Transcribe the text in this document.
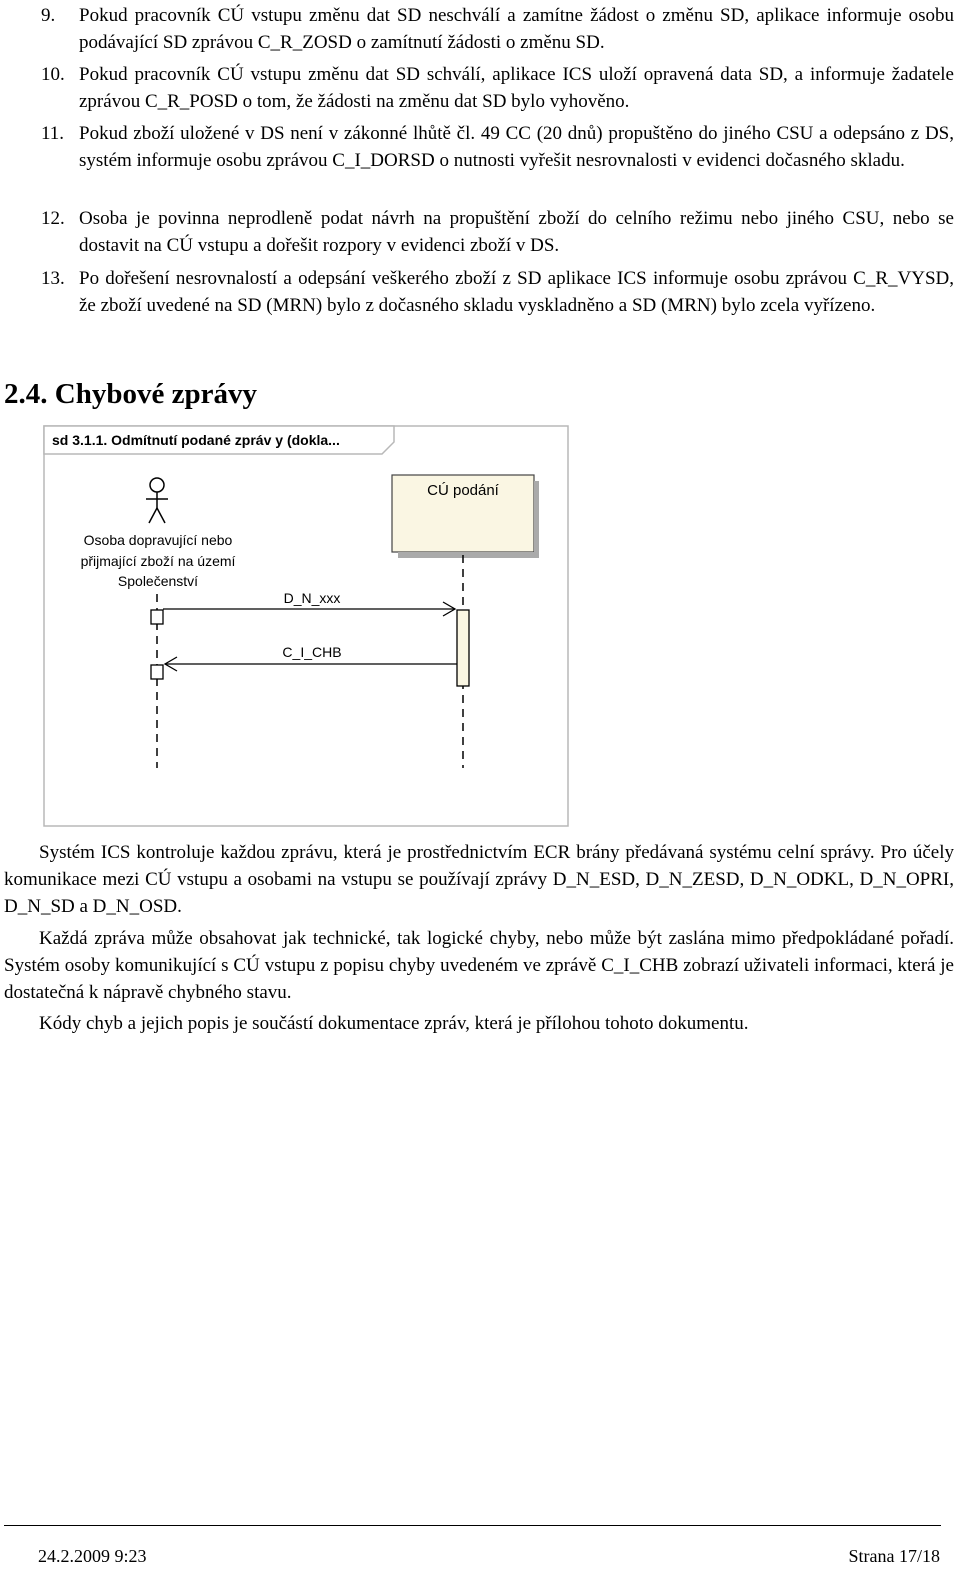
9.	Pokud pracovník CÚ vstupu změnu dat SD neschválí a zamítne žádost o změnu SD, aplikace informuje osobu podávající SD zprávou C_R_ZOSD o zamítnutí žádosti o změnu SD.
10. Pokud pracovník CÚ vstupu změnu dat SD schválí, aplikace ICS uloží opravená data SD, a informuje žadatele zprávou C_R_POSD o tom, že žádosti na změnu dat SD bylo vyhověno.
11. Pokud zboží uložené v DS není v zákonné lhůtě čl. 49 CC (20 dnů) propuštěno do jiného CSU a odepsáno z DS, systém informuje osobu zprávou C_I_DORSD o nutnosti vyřešit nesrovnalosti v evidenci dočasného skladu.
12. Osoba je povinna neprodleně podat návrh na propuštění zboží do celního režimu nebo jiného CSU, nebo se dostavit na CÚ vstupu a dořešit rozpory v evidenci zboží v DS.
13. Po dořešení nesrovnalostí a odepsání veškerého zboží z SD aplikace ICS informuje osobu zprávou C_R_VYSD, že zboží uvedené na SD (MRN) bylo z dočasného skladu vyskladněno a SD (MRN) bylo zcela vyřízeno.
2.4. Chybové zprávy
sd 3.1.1. Odmítnutí podané zpráv y (dokla...
Osoba dopravující nebo
přijmající zboží na území
Společenství
CÚ podání
D_N_xxx
C_I_CHB
Systém ICS kontroluje každou zprávu, která je prostřednictvím ECR brány předávaná systému celní správy. Pro účely komunikace mezi CÚ vstupu a osobami na vstupu se používají zprávy D_N_ESD, D_N_ZESD, D_N_ODKL, D_N_OPRI, D_N_SD a D_N_OSD.
Každá zpráva může obsahovat jak technické, tak logické chyby, nebo může být zaslána mimo předpokládané pořadí. Systém osoby komunikující s CÚ vstupu z popisu chyby uvedeném ve zprávě C_I_CHB zobrazí uživateli informaci, která je dostatečná k nápravě chybného stavu.
Kódy chyb a jejich popis je součástí dokumentace zpráv, která je přílohou tohoto dokumentu.
24.2.2009 9:23	Strana 17/18
